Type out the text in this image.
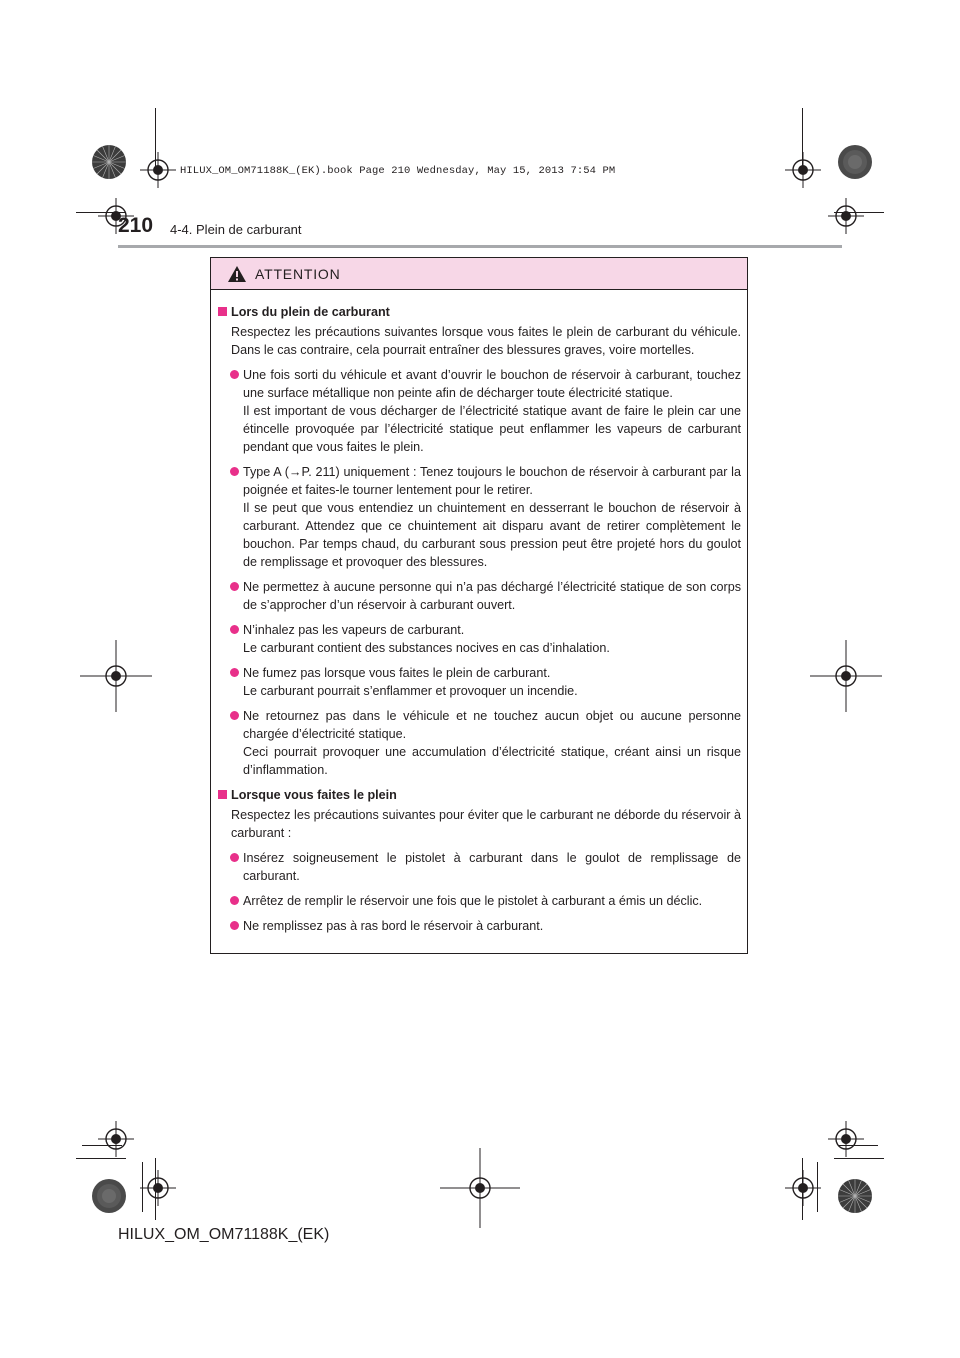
HILUX_OM_OM71188K_(EK).book Page 210 Wednesday, May 15, 2013 7:54 PM
210 4-4. Plein de carburant
ATTENTION
Lors du plein de carburant
Respectez les précautions suivantes lorsque vous faites le plein de carburant du véhicule. Dans le cas contraire, cela pourrait entraîner des blessures graves, voire mortelles.
Une fois sorti du véhicule et avant d’ouvrir le bouchon de réservoir à carburant, touchez une surface métallique non peinte afin de décharger toute électricité statique.
Il est important de vous décharger de l’électricité statique avant de faire le plein car une étincelle provoquée par l’électricité statique peut enflammer les vapeurs de carburant pendant que vous faites le plein.
Type A (→P. 211) uniquement : Tenez toujours le bouchon de réservoir à carburant par la poignée et faites-le tourner lentement pour le retirer.
Il se peut que vous entendiez un chuintement en desserrant le bouchon de réservoir à carburant. Attendez que ce chuintement ait disparu avant de retirer complètement le bouchon. Par temps chaud, du carburant sous pression peut être projeté hors du goulot de remplissage et provoquer des blessures.
Ne permettez à aucune personne qui n’a pas déchargé l’électricité statique de son corps de s’approcher d’un réservoir à carburant ouvert.
N’inhalez pas les vapeurs de carburant.
Le carburant contient des substances nocives en cas d’inhalation.
Ne fumez pas lorsque vous faites le plein de carburant.
Le carburant pourrait s’enflammer et provoquer un incendie.
Ne retournez pas dans le véhicule et ne touchez aucun objet ou aucune personne chargée d’électricité statique.
Ceci pourrait provoquer une accumulation d’électricité statique, créant ainsi un risque d’inflammation.
Lorsque vous faites le plein
Respectez les précautions suivantes pour éviter que le carburant ne déborde du réservoir à carburant :
Insérez soigneusement le pistolet à carburant dans le goulot de remplissage de carburant.
Arrêtez de remplir le réservoir une fois que le pistolet à carburant a émis un déclic.
Ne remplissez pas à ras bord le réservoir à carburant.
HILUX_OM_OM71188K_(EK)
